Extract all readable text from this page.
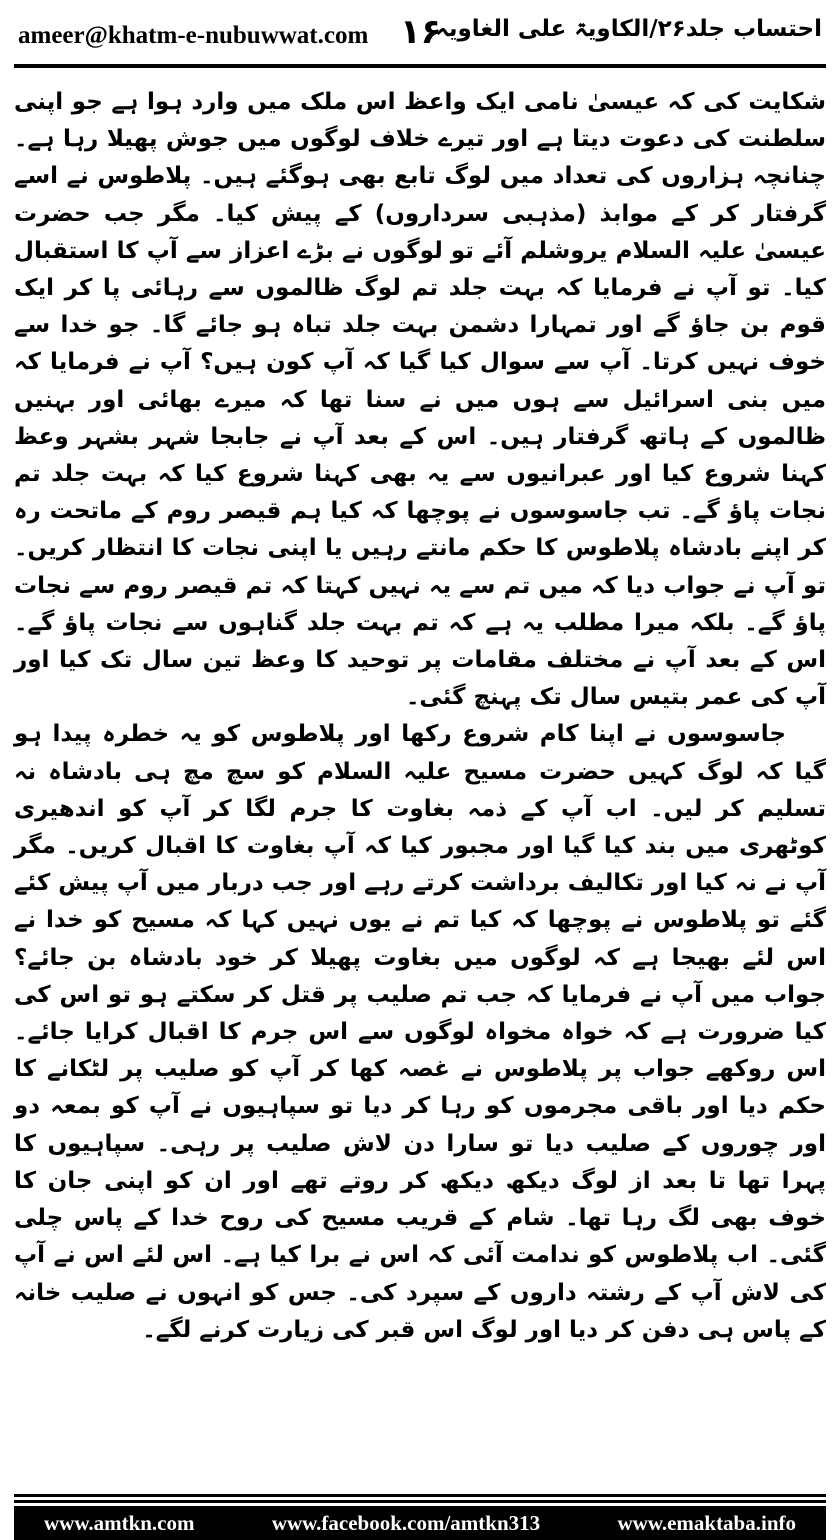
ameer@khatm-e-nubuwwat.com ۱۶
احتساب جلد۲۶/الکاویۃ علی الغاویہ

شکایت کی کہ عیسیٰ نامی ایک واعظ اس ملک میں وارد ہوا ہے جو اپنی سلطنت کی دعوت دیتا ہے اور تیرے خلاف لوگوں میں جوش پھیلا رہا ہے۔ چنانچہ ہزاروں کی تعداد میں لوگ تابع بھی ہوگئے ہیں۔ پلاطوس نے اسے گرفتار کر کے موابذ (مذہبی سرداروں) کے پیش کیا۔ مگر جب حضرت عیسیٰ علیہ السلام یروشلم آئے تو لوگوں نے بڑے اعزاز سے آپ کا استقبال کیا۔ تو آپ نے فرمایا کہ بہت جلد تم لوگ ظالموں سے رہائی پا کر ایک قوم بن جاؤ گے اور تمہارا دشمن بہت جلد تباہ ہو جائے گا۔ جو خدا سے خوف نہیں کرتا۔ آپ سے سوال کیا گیا کہ آپ کون ہیں؟ آپ نے فرمایا کہ میں بنی اسرائیل سے ہوں میں نے سنا تھا کہ میرے بھائی اور بہنیں ظالموں کے ہاتھ گرفتار ہیں۔ اس کے بعد آپ نے جابجا شہر بشہر وعظ کہنا شروع کیا اور عبرانیوں سے یہ بھی کہنا شروع کیا کہ بہت جلد تم نجات پاؤ گے۔ تب جاسوسوں نے پوچھا کہ کیا ہم قیصر روم کے ماتحت رہ کر اپنے بادشاہ پلاطوس کا حکم مانتے رہیں یا اپنی نجات کا انتظار کریں۔ تو آپ نے جواب دیا کہ میں تم سے یہ نہیں کہتا کہ تم قیصر روم سے نجات پاؤ گے۔ بلکہ میرا مطلب یہ ہے کہ تم بہت جلد گناہوں سے نجات پاؤ گے۔ اس کے بعد آپ نے مختلف مقامات پر توحید کا وعظ تین سال تک کیا اور آپ کی عمر بتیس سال تک پہنچ گئی۔

جاسوسوں نے اپنا کام شروع رکھا اور پلاطوس کو یہ خطرہ پیدا ہو گیا کہ لوگ کہیں حضرت مسیح علیہ السلام کو سچ مچ ہی بادشاہ نہ تسلیم کر لیں۔ اب آپ کے ذمہ بغاوت کا جرم لگا کر آپ کو اندھیری کوٹھری میں بند کیا گیا اور مجبور کیا کہ آپ بغاوت کا اقبال کریں۔ مگر آپ نے نہ کیا اور تکالیف برداشت کرتے رہے اور جب دربار میں آپ پیش کئے گئے تو پلاطوس نے پوچھا کہ کیا تم نے یوں نہیں کہا کہ مسیح کو خدا نے اس لئے بھیجا ہے کہ لوگوں میں بغاوت پھیلا کر خود بادشاہ بن جائے؟ جواب میں آپ نے فرمایا کہ جب تم صلیب پر قتل کر سکتے ہو تو اس کی کیا ضرورت ہے کہ خواہ مخواہ لوگوں سے اس جرم کا اقبال کرایا جائے۔ اس روکھے جواب پر پلاطوس نے غصہ کھا کر آپ کو صلیب پر لٹکانے کا حکم دیا اور باقی مجرموں کو رہا کر دیا تو سپاہیوں نے آپ کو بمعہ دو اور چوروں کے صلیب دیا تو سارا دن لاش صلیب پر رہی۔ سپاہیوں کا پہرا تھا تا بعد از لوگ دیکھ دیکھ کر روتے تھے اور ان کو اپنی جان کا خوف بھی لگ رہا تھا۔ شام کے قریب مسیح کی روح خدا کے پاس چلی گئی۔ اب پلاطوس کو ندامت آئی کہ اس نے برا کیا ہے۔ اس لئے اس نے آپ کی لاش آپ کے رشتہ داروں کے سپرد کی۔ جس کو انہوں نے صلیب خانہ کے پاس ہی دفن کر دیا اور لوگ اس قبر کی زیارت کرنے لگے۔

www.amtkn.com	www.facebook.com/amtkn313	www.emaktaba.info
